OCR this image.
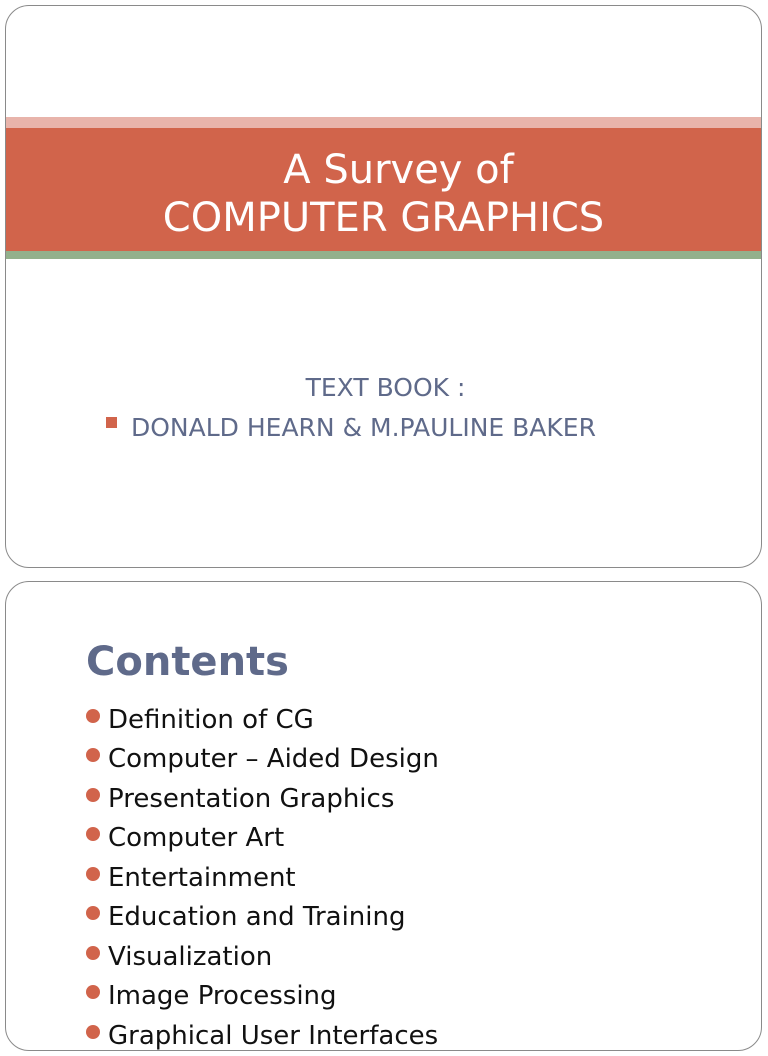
A Survey of
COMPUTER GRAPHICS
TEXT BOOK :
DONALD HEARN & M.PAULINE BAKER
Contents
Definition of CG
Computer – Aided Design
Presentation Graphics
Computer Art
Entertainment
Education and Training
Visualization
Image Processing
Graphical User Interfaces
